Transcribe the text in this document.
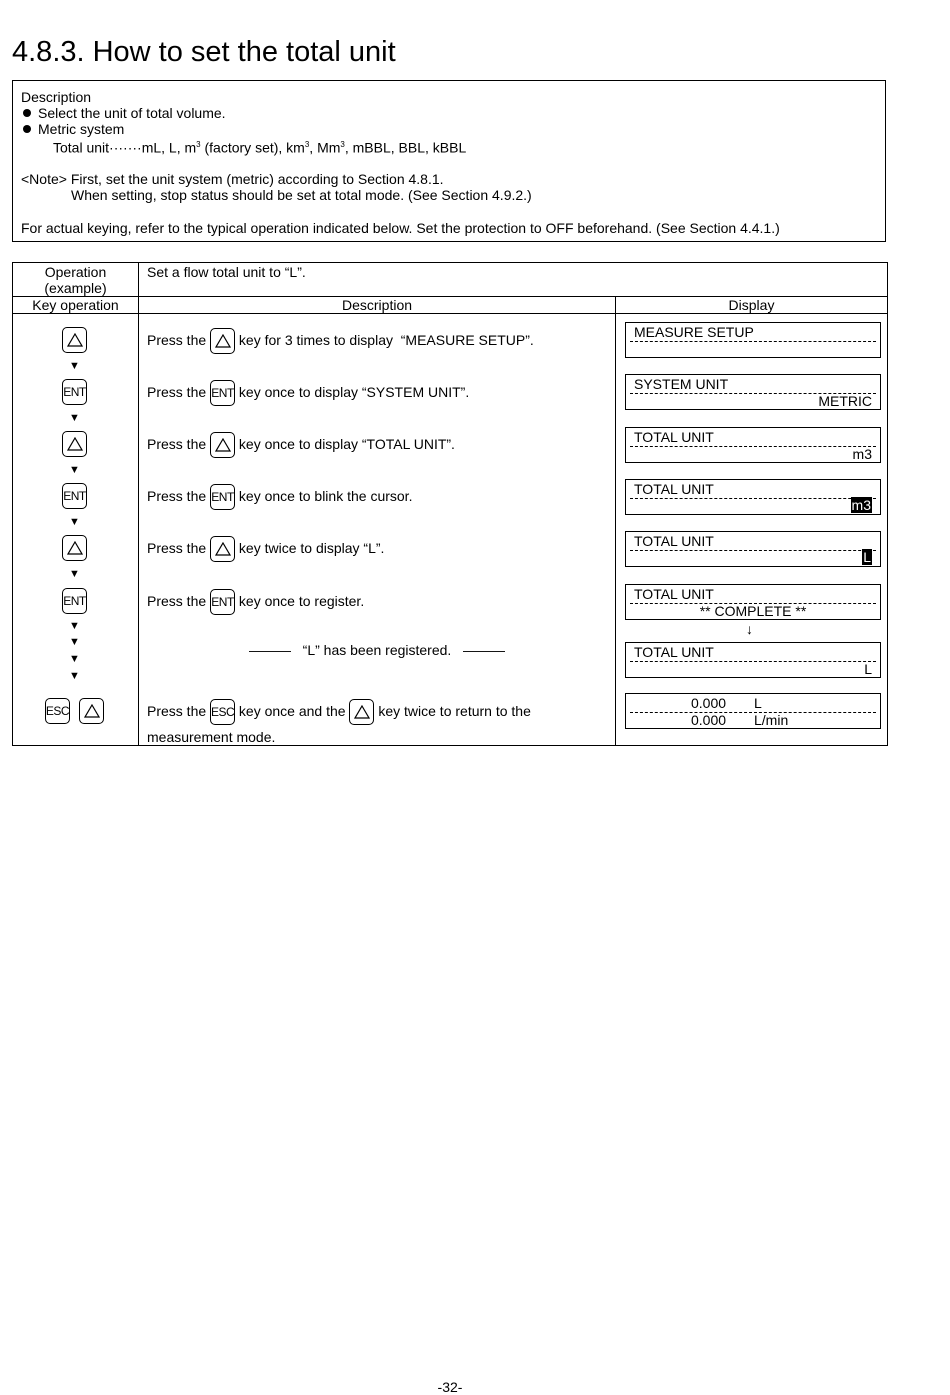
4.8.3. How to set the total unit
Description
Select the unit of total volume.
Metric system
Total unit·······mL, L, $m^3$ (factory set), $km^3$, Mm$^3$, mBBL, BBL, kBBL
<Note> First, set the unit system (metric) according to Section 4.8.1.
When setting, stop status should be set at total mode. (See Section 4.9.2.)
For actual keying, refer to the typical operation indicated below. Set the protection to OFF beforehand. (See Section 4.4.1.)
Operation
(example)
Set a flow total unit to “L”.
Key operation	Description	Display
▼
ENT
▼
▼
ENT
▼
▼
ENT
▼
▼
▼
▼
ESC
Press the key for 3 times to display  “MEASURE SETUP”.
Press the ENT key once to display “SYSTEM UNIT”.
Press the key once to display “TOTAL UNIT”.
Press the ENT key once to blink the cursor.
Press the key twice to display “L”.
Press the ENT key once to register.
———   “L” has been registered.   ———
Press the ESC key once and the key twice to return to the
measurement mode.
MEASURE SETUP
SYSTEM UNIT
METRIC
TOTAL UNIT
m3
TOTAL UNIT
m3
TOTAL UNIT
L
TOTAL UNIT
** COMPLETE **
↓
TOTAL UNIT
L
0.000 L
0.000 L/min
-32-
